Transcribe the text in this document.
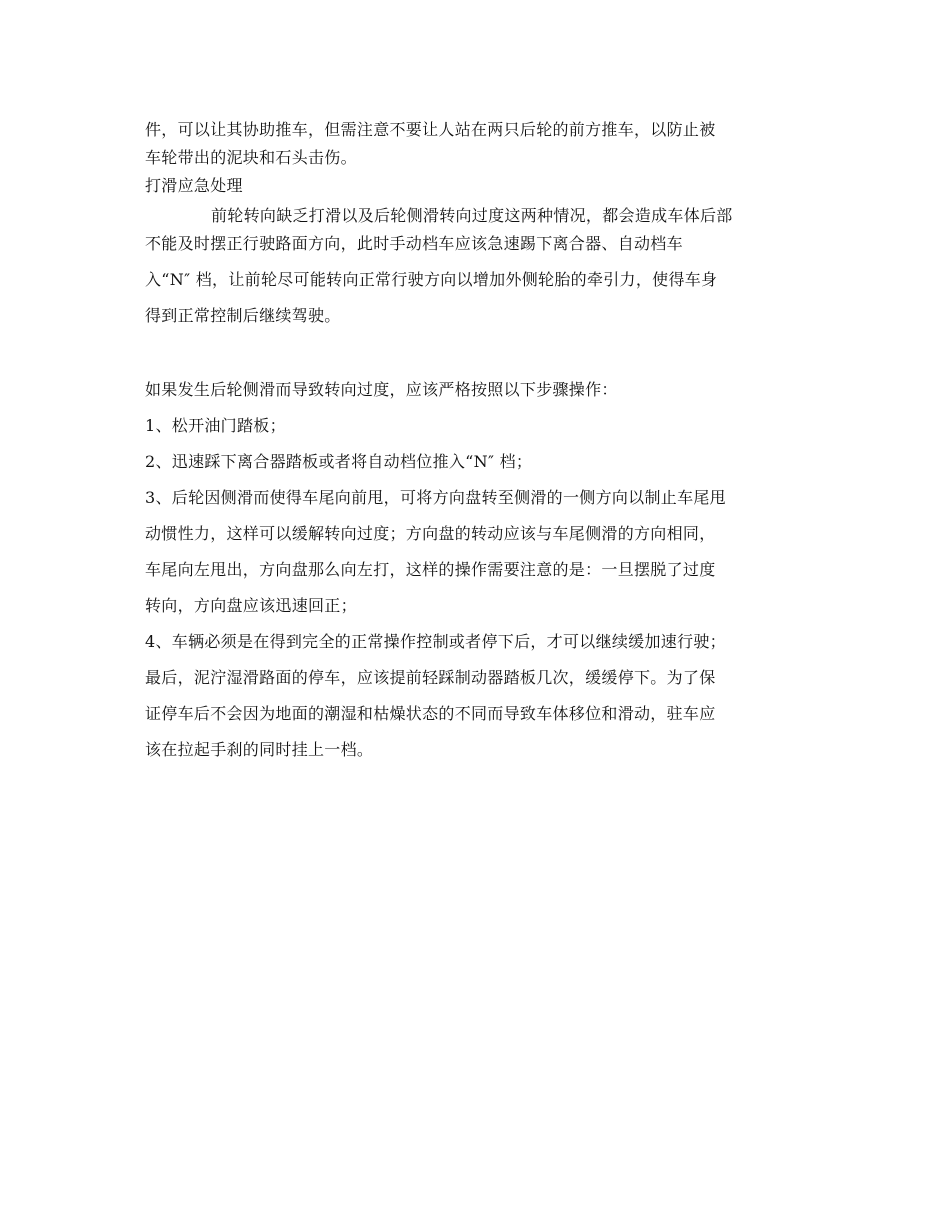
件，可以让其协助推车，但需注意不要让人站在两只后轮的前方推车，以防止被
车轮带出的泥块和石头击伤。
打滑应急处理
前轮转向缺乏打滑以及后轮侧滑转向过度这两种情况，都会造成车体后部
不能及时摆正行驶路面方向，此时手动档车应该急速踢下离合器、自动档车
入“N″ 档，让前轮尽可能转向正常行驶方向以增加外侧轮胎的牵引力，使得车身
得到正常控制后继续驾驶。
如果发生后轮侧滑而导致转向过度，应该严格按照以下步骤操作：
1、松开油门踏板；
2、迅速踩下离合器踏板或者将自动档位推入“N″ 档；
3、后轮因侧滑而使得车尾向前甩，可将方向盘转至侧滑的一侧方向以制止车尾甩
动惯性力，这样可以缓解转向过度；方向盘的转动应该与车尾侧滑的方向相同，
车尾向左甩出，方向盘那么向左打，这样的操作需要注意的是：一旦摆脱了过度
转向，方向盘应该迅速回正；
4、车辆必须是在得到完全的正常操作控制或者停下后，才可以继续缓加速行驶；
最后，泥泞湿滑路面的停车，应该提前轻踩制动器踏板几次，缓缓停下。为了保
证停车后不会因为地面的潮湿和枯燥状态的不同而导致车体移位和滑动，驻车应
该在拉起手刹的同时挂上一档。
